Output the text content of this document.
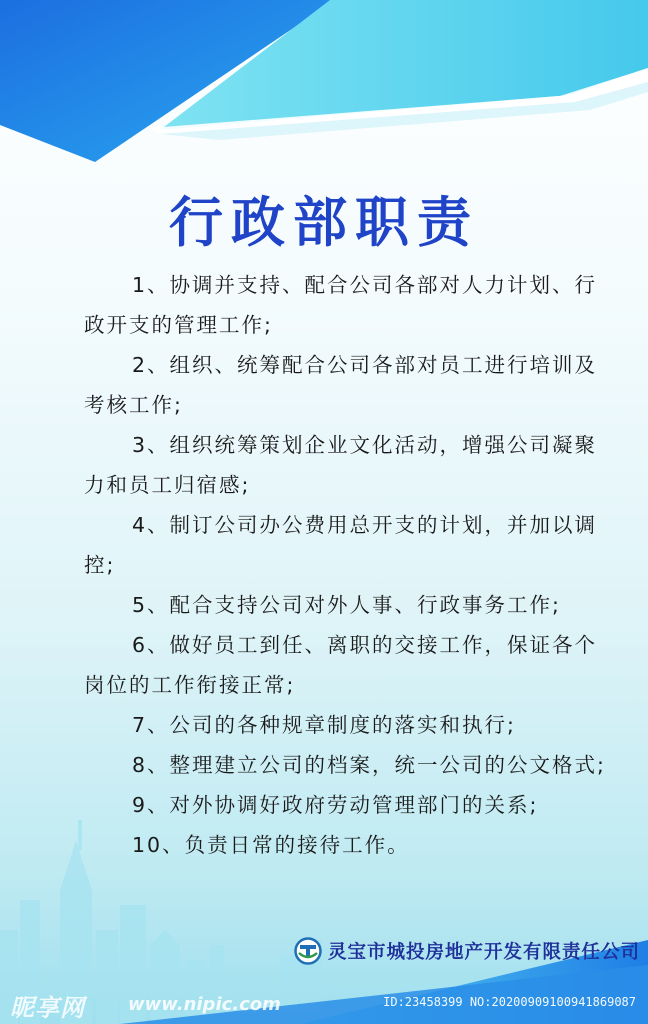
行政部职责

1、协调并支持、配合公司各部对人力计划、行政开支的管理工作;

2、组织、统筹配合公司各部对员工进行培训及考核工作;

3、组织统筹策划企业文化活动，增强公司凝聚力和员工归宿感;

4、制订公司办公费用总开支的计划，并加以调控;

5、配合支持公司对外人事、行政事务工作;

6、做好员工到任、离职的交接工作，保证各个岗位的工作衔接正常;

7、公司的各种规章制度的落实和执行;

8、整理建立公司的档案，统一公司的公文格式;

9、对外协调好政府劳动管理部门的关系;

10、负责日常的接待工作。

灵宝市城投房地产开发有限责任公司
昵享网 www.nipic.com	ID:23458399 NO:20200909100941869087
